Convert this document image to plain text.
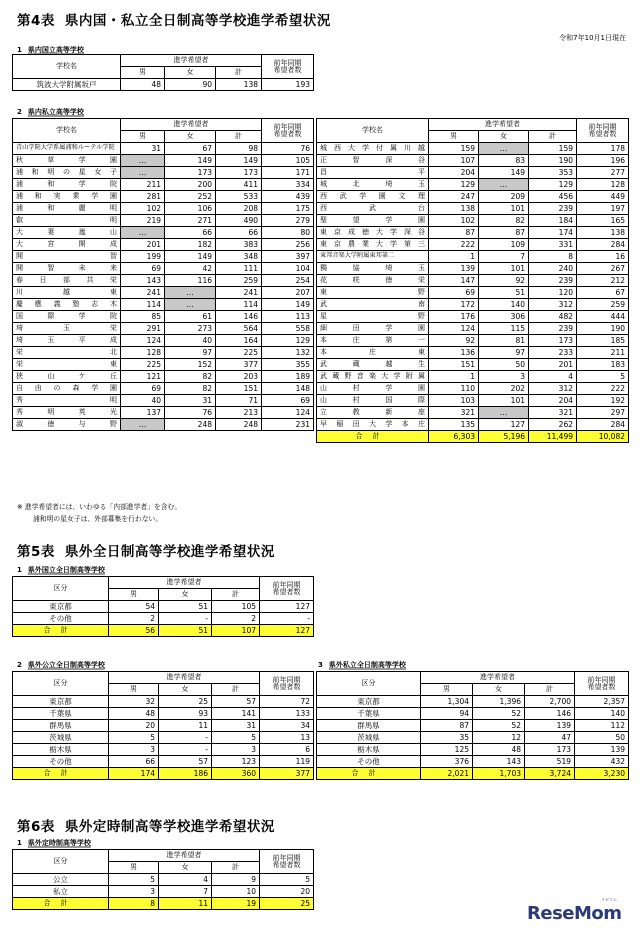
第4表 県内国・私立全日制高等学校進学希望状況
令和7年10月1日現在
1 県内国立高等学校
学校名	進学希望者			前年同期
希望者数
	男	女	計	
筑波大学附属坂戸	48	90	138	193
2 県内私立高等学校
学校名	進学希望者			前年同期
希望者数
	男	女	計	
青山学院大学系属浦和ルーテル学院	31	67	98	76
秋草学園	…	149	149	105
浦和明の星女子	…	173	173	171
浦和学院	211	200	411	334
浦和実業学園	281	252	533	439
浦和麗明	102	106	208	175
叡明	219	271	490	279
大妻嵐山	…	66	66	80
大宮開成	201	182	383	256
開智	199	149	348	397
開智未来	69	42	111	104
春日部共栄	143	116	259	254
川越東	241	…	241	207
慶應義塾志木	114	…	114	149
国際学院	85	61	146	113
埼玉栄	291	273	564	558
埼玉平成	124	40	164	129
栄北	128	97	225	132
栄東	225	152	377	355
狭山ケ丘	121	82	203	189
自由の森学園	69	82	151	148
秀明	40	31	71	69
秀明英光	137	76	213	124
淑徳与野	…	248	248	231
学校名	進学希望者			前年同期
希望者数
	男	女	計	
城西大学付属川越	159	…	159	178
正智深谷	107	83	190	196
昌平	204	149	353	277
城北埼玉	129	…	129	128
西武学園文理	247	209	456	449
西武台	138	101	239	197
聖望学園	102	82	184	165
東京成徳大学深谷	87	87	174	138
東京農業大学第三	222	109	331	284
東邦音楽大学附属東邦第二	1	7	8	16
獨協埼玉	139	101	240	267
花咲徳栄	147	92	239	212
東野	69	51	120	67
武南	172	140	312	259
星野	176	306	482	444
細田学園	124	115	239	190
本庄第一	92	81	173	185
本庄東	136	97	233	211
武蔵越生	151	50	201	183
武蔵野音楽大学附属	1	3	4	5
山村学園	110	202	312	222
山村国際	103	101	204	192
立教新座	321	…	321	297
早稲田大学本庄	135	127	262	284
合計	6,303	5,196	11,499	10,082
※ 進学希望者には、いわゆる「内部進学者」を含む。
浦和明の星女子は、外部募集を行わない。
第5表 県外全日制高等学校進学希望状況
1 県外国立全日制高等学校
区分	進学希望者			前年同期
希望者数
	男	女	計	
東京都	54	51	105	127
その他	2	-	2	-
合計	56	51	107	127
2 県外公立全日制高等学校
区分	進学希望者			前年同期
希望者数
	男	女	計	
東京都	32	25	57	72
千葉県	48	93	141	133
群馬県	20	11	31	34
茨城県	5	-	5	13
栃木県	3	-	3	6
その他	66	57	123	119
合計	174	186	360	377
3 県外私立全日制高等学校
区分	進学希望者			前年同期
希望者数
	男	女	計	
東京都	1,304	1,396	2,700	2,357
千葉県	94	52	146	140
群馬県	87	52	139	112
茨城県	35	12	47	50
栃木県	125	48	173	139
その他	376	143	519	432
合計	2,021	1,703	3,724	3,230
第6表 県外定時制高等学校進学希望状況
1 県外定時制高等学校
区分	進学希望者			前年同期
希望者数
	男	女	計	
公立	5	4	9	5
私立	3	7	10	20
合計	8	11	19	25	リセマム
ReseMom
